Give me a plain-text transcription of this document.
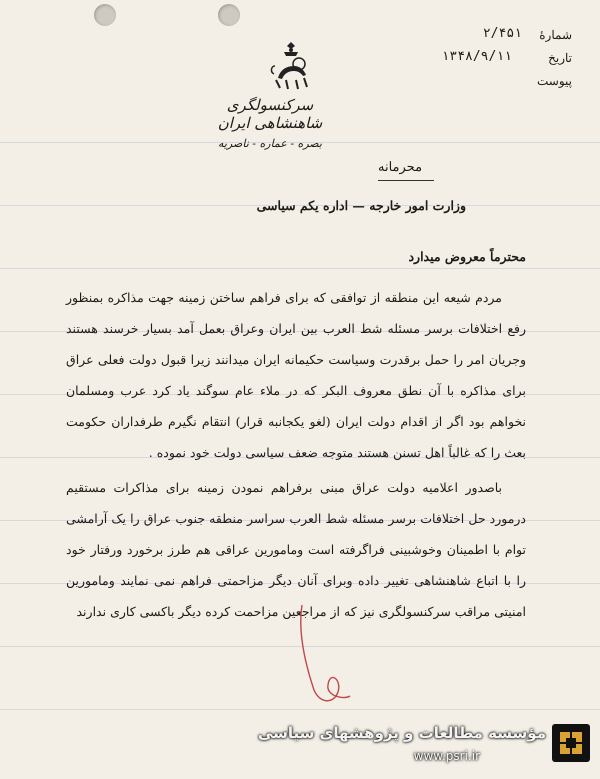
شمارهٔ
۲/۴۵۱
تاریخ
۱۳۴۸/۹/۱۱
پیوست
سرکنسولگری شاهنشاهی ایران
بصره - عماره - ناصریه
محرمانه

وزارت امور خارجه — اداره یکم سیاسی

محترماً معروض میدارد

مردم شیعه این منطقه از توافقی که برای فراهم ساختن زمینه جهت مذاکره بمنظور رفع اختلافات برسر مسئله شط العرب بین ایران وعراق بعمل آمد بسیار خرسند هستند وجریان امر را حمل برقدرت وسیاست حکیمانه ایران میدانند زیرا قبول دولت فعلی عراق برای مذاکره با آن نطق معروف البکر که در ملاء عام سوگند یاد کرد عرب ومسلمان نخواهم بود اگر از اقدام دولت ایران (لغو یکجانبه قرار) انتقام نگیرم طرفداران حکومت بعث را که غالباً اهل تسنن هستند متوجه ضعف سیاسی دولت خود نموده .

باصدور اعلامیه دولت عراق مبنی برفراهم نمودن زمینه برای مذاکرات مستقیم درمورد حل اختلافات برسر مسئله شط العرب سراسر منطقه جنوب عراق را یک آرامشی توام با اطمینان وخوشبینی فراگرفته است ومامورین عراقی هم طرز برخورد ورفتار خود را با اتباع شاهنشاهی تغییر داده وبرای آنان دیگر مزاحمتی فراهم نمی نمایند ومامورین امنیتی مراقب سرکنسولگری نیز که از مراجعین مزاحمت کرده دیگر باکسی کاری ندارند

مؤسسه مطالعات و پژوهشهای سیاسی
www.psri.ir
